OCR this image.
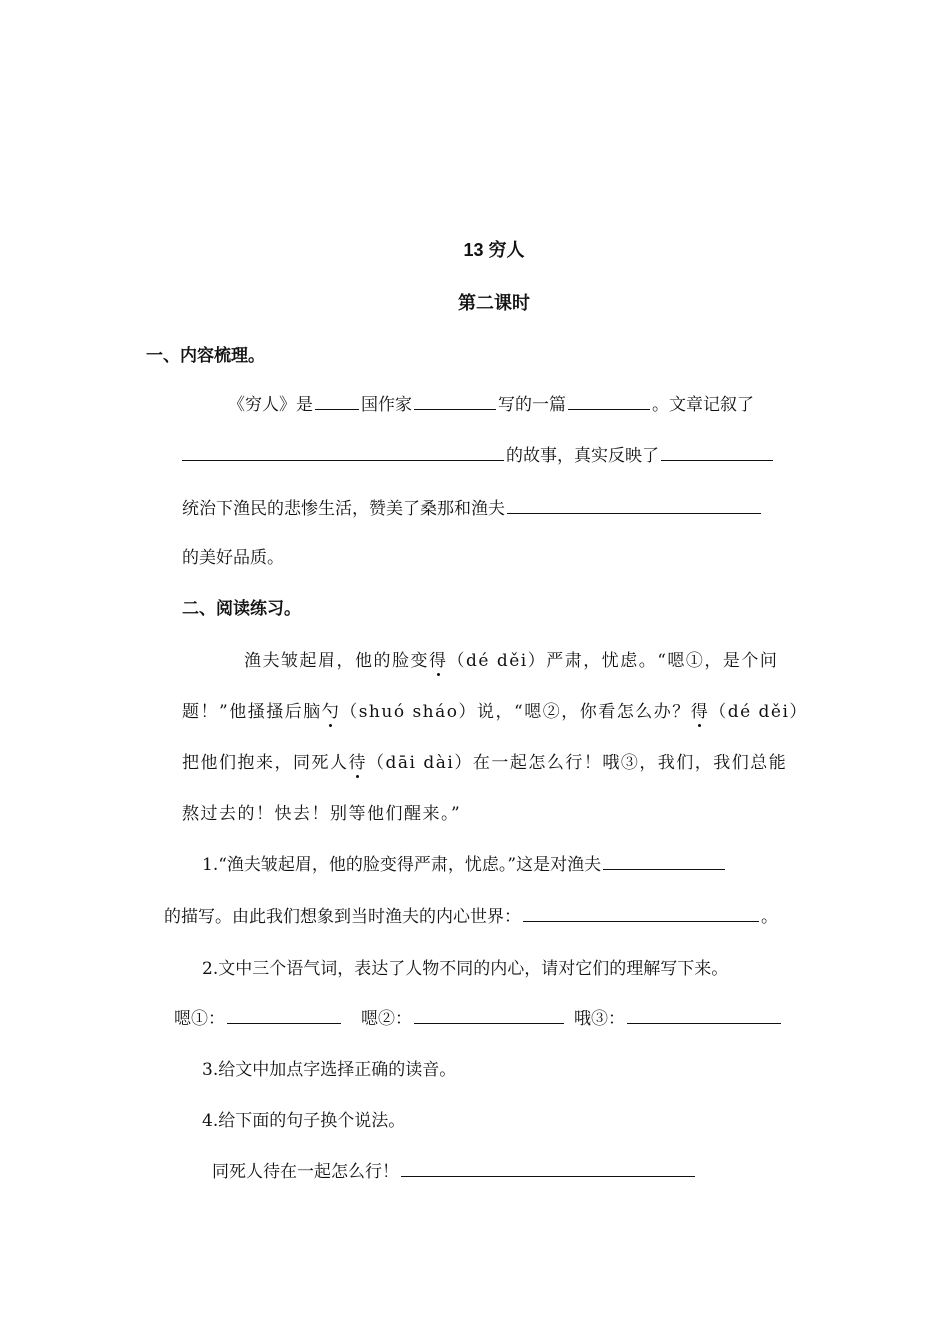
13 穷人
第二课时
一、内容梳理。
《穷人》是	国作家	写的一篇	。文章记叙了
的故事，真实反映了
统治下渔民的悲惨生活，赞美了桑那和渔夫
的美好品质。
二、阅读练习。
渔夫皱起眉，他的脸变得（dé děi）严肃，忧虑。“嗯①，是个问
题！”他搔搔后脑勺（shuó sháo）说，“嗯②，你看怎么办？得（dé děi）
把他们抱来，同死人待（dāi dài）在一起怎么行！哦③，我们，我们总能
熬过去的！快去！别等他们醒来。”
1.“渔夫皱起眉，他的脸变得严肃，忧虑。”这是对渔夫
的描写。由此我们想象到当时渔夫的内心世界：	。
2.文中三个语气词，表达了人物不同的内心，请对它们的理解写下来。
嗯①：	嗯②：	哦③：
3.给文中加点字选择正确的读音。
4.给下面的句子换个说法。
同死人待在一起怎么行！
